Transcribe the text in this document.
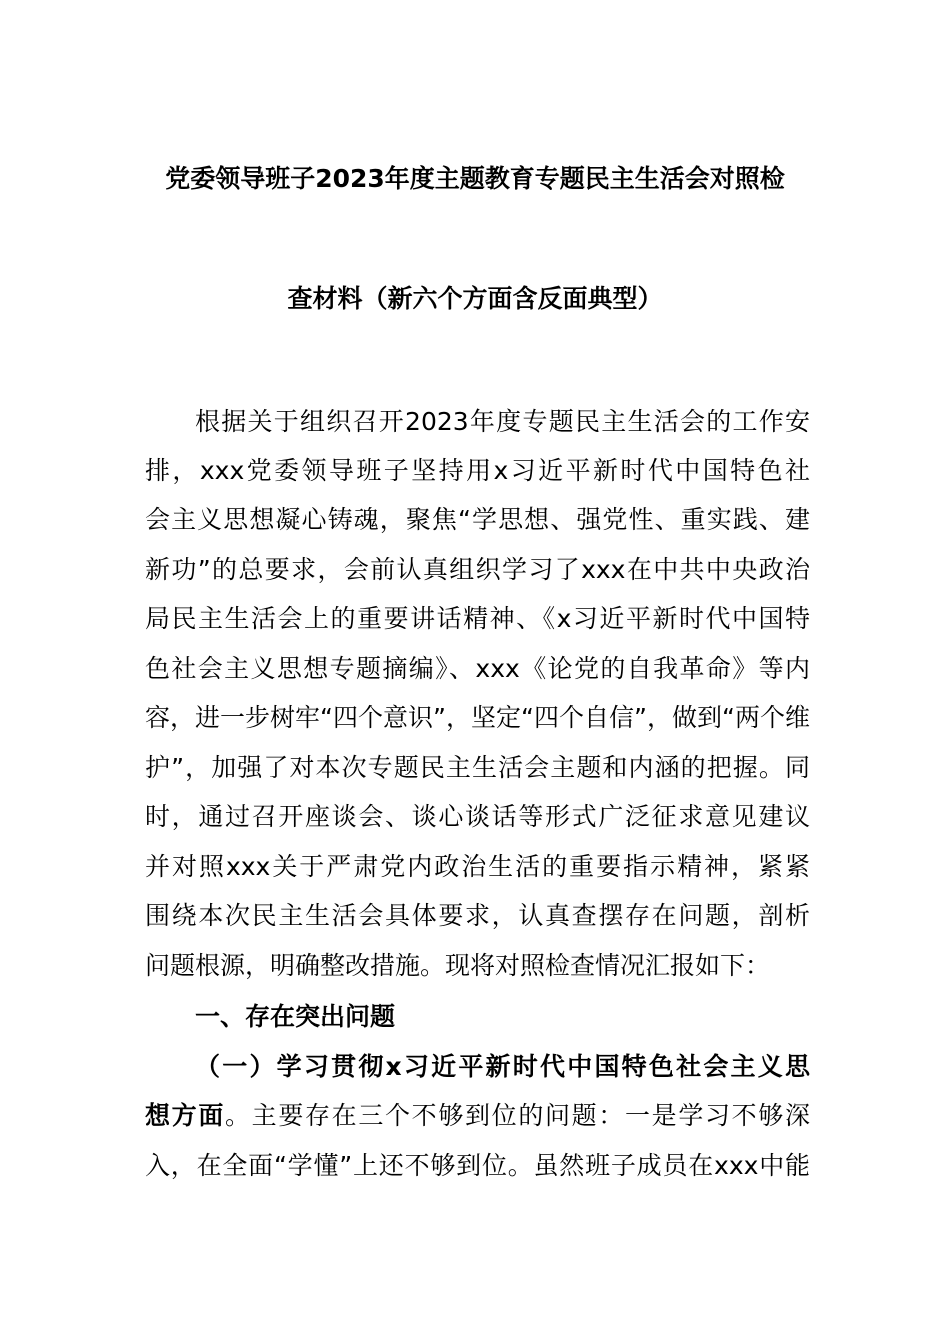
党委领导班子2023年度主题教育专题民主生活会对照检
查材料（新六个方面含反面典型）
根据关于组织召开2023年度专题民主生活会的工作安
排，xxx党委领导班子坚持用x习近平新时代中国特色社
会主义思想凝心铸魂，聚焦“学思想、强党性、重实践、建
新功”的总要求，会前认真组织学习了xxx在中共中央政治
局民主生活会上的重要讲话精神、《x习近平新时代中国特
色社会主义思想专题摘编》、xxx《论党的自我革命》等内
容，进一步树牢“四个意识”，坚定“四个自信”，做到“两个维
护”，加强了对本次专题民主生活会主题和内涵的把握。同
时，通过召开座谈会、谈心谈话等形式广泛征求意见建议
并对照xxx关于严肃党内政治生活的重要指示精神，紧紧
围绕本次民主生活会具体要求，认真查摆存在问题，剖析
问题根源，明确整改措施。现将对照检查情况汇报如下：
一、存在突出问题
（一）学习贯彻x习近平新时代中国特色社会主义思
想方面。主要存在三个不够到位的问题：一是学习不够深
入，在全面“学懂”上还不够到位。虽然班子成员在xxx中能
